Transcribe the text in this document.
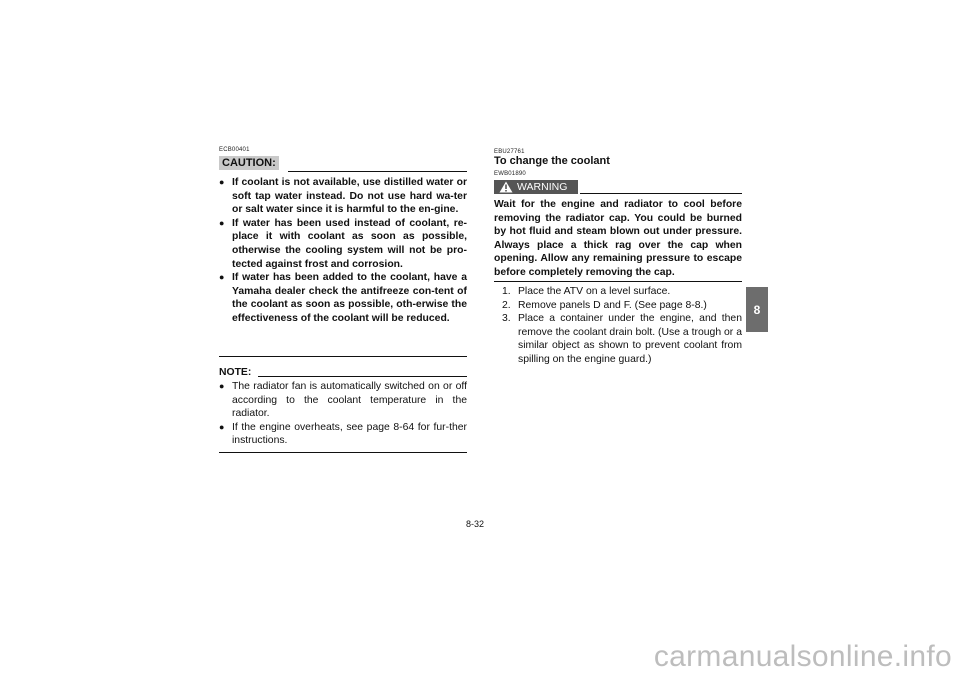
ECB00401
CAUTION:
● If coolant is not available, use distilled water or soft tap water instead. Do not use hard wa-ter or salt water since it is harmful to the en-gine.
● If water has been used instead of coolant, re-place it with coolant as soon as possible, otherwise the cooling system will not be pro-tected against frost and corrosion.
● If water has been added to the coolant, have a Yamaha dealer check the antifreeze con-tent of the coolant as soon as possible, oth-erwise the effectiveness of the coolant will be reduced.
NOTE:
● The radiator fan is automatically switched on or off according to the coolant temperature in the radiator.
● If the engine overheats, see page 8-64 for fur-ther instructions.
EBU27761
To change the coolant
EWB01890
WARNING

Wait for the engine and radiator to cool before removing the radiator cap. You could be burned by hot fluid and steam blown out under pressure. Always place a thick rag over the cap when opening. Allow any remaining pressure to escape before completely removing the cap.

1. Place the ATV on a level surface.
2. Remove panels D and F. (See page 8-8.)
3. Place a container under the engine, and then remove the coolant drain bolt. (Use a trough or a similar object as shown to prevent coolant from spilling on the engine guard.)
8
8-32
carmanualsonline.info
